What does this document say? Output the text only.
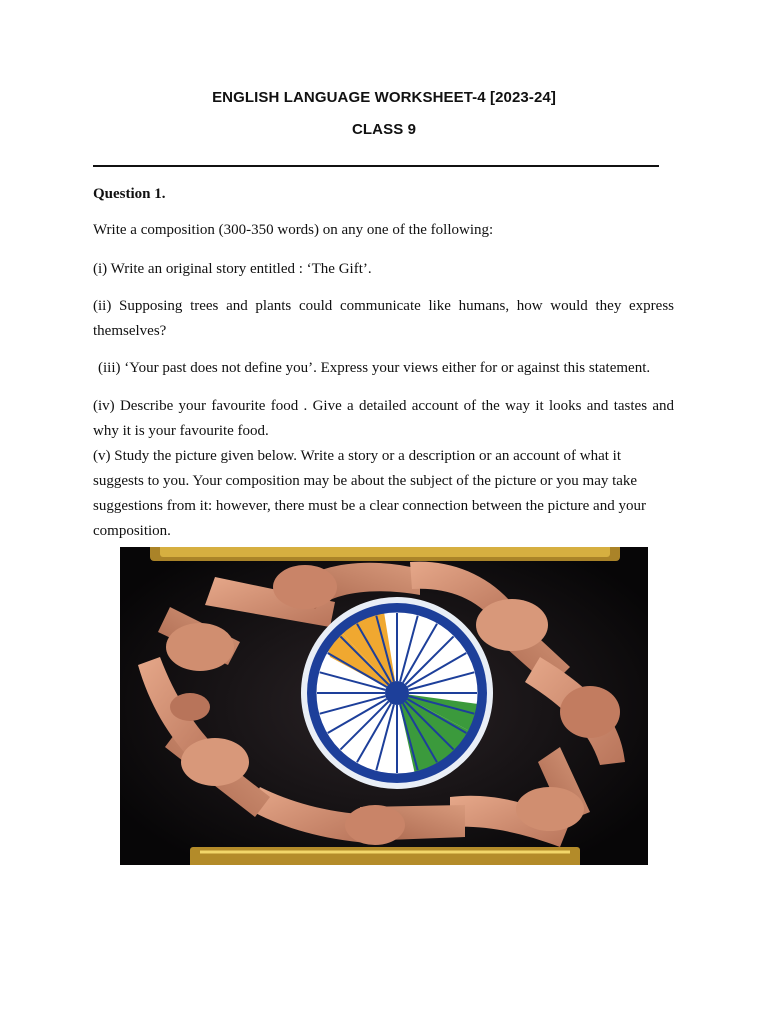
ENGLISH LANGUAGE WORKSHEET-4 [2023-24]
CLASS 9
Question 1.
Write a composition (300-350 words) on any one of the following:
(i) Write an original story entitled : ‘The Gift’.
(ii) Supposing trees and plants could communicate like humans, how would they express themselves?
(iii) ‘Your past does not define you’. Express your views either for or against this statement.
(iv) Describe your favourite food . Give a detailed account of the way it looks and tastes and why it is your favourite food.
(v) Study the picture given below. Write a story or a description or an account of what it suggests to you. Your composition may be about the subject of the picture or you may take suggestions from it: however, there must be a clear connection between the picture and your composition.
